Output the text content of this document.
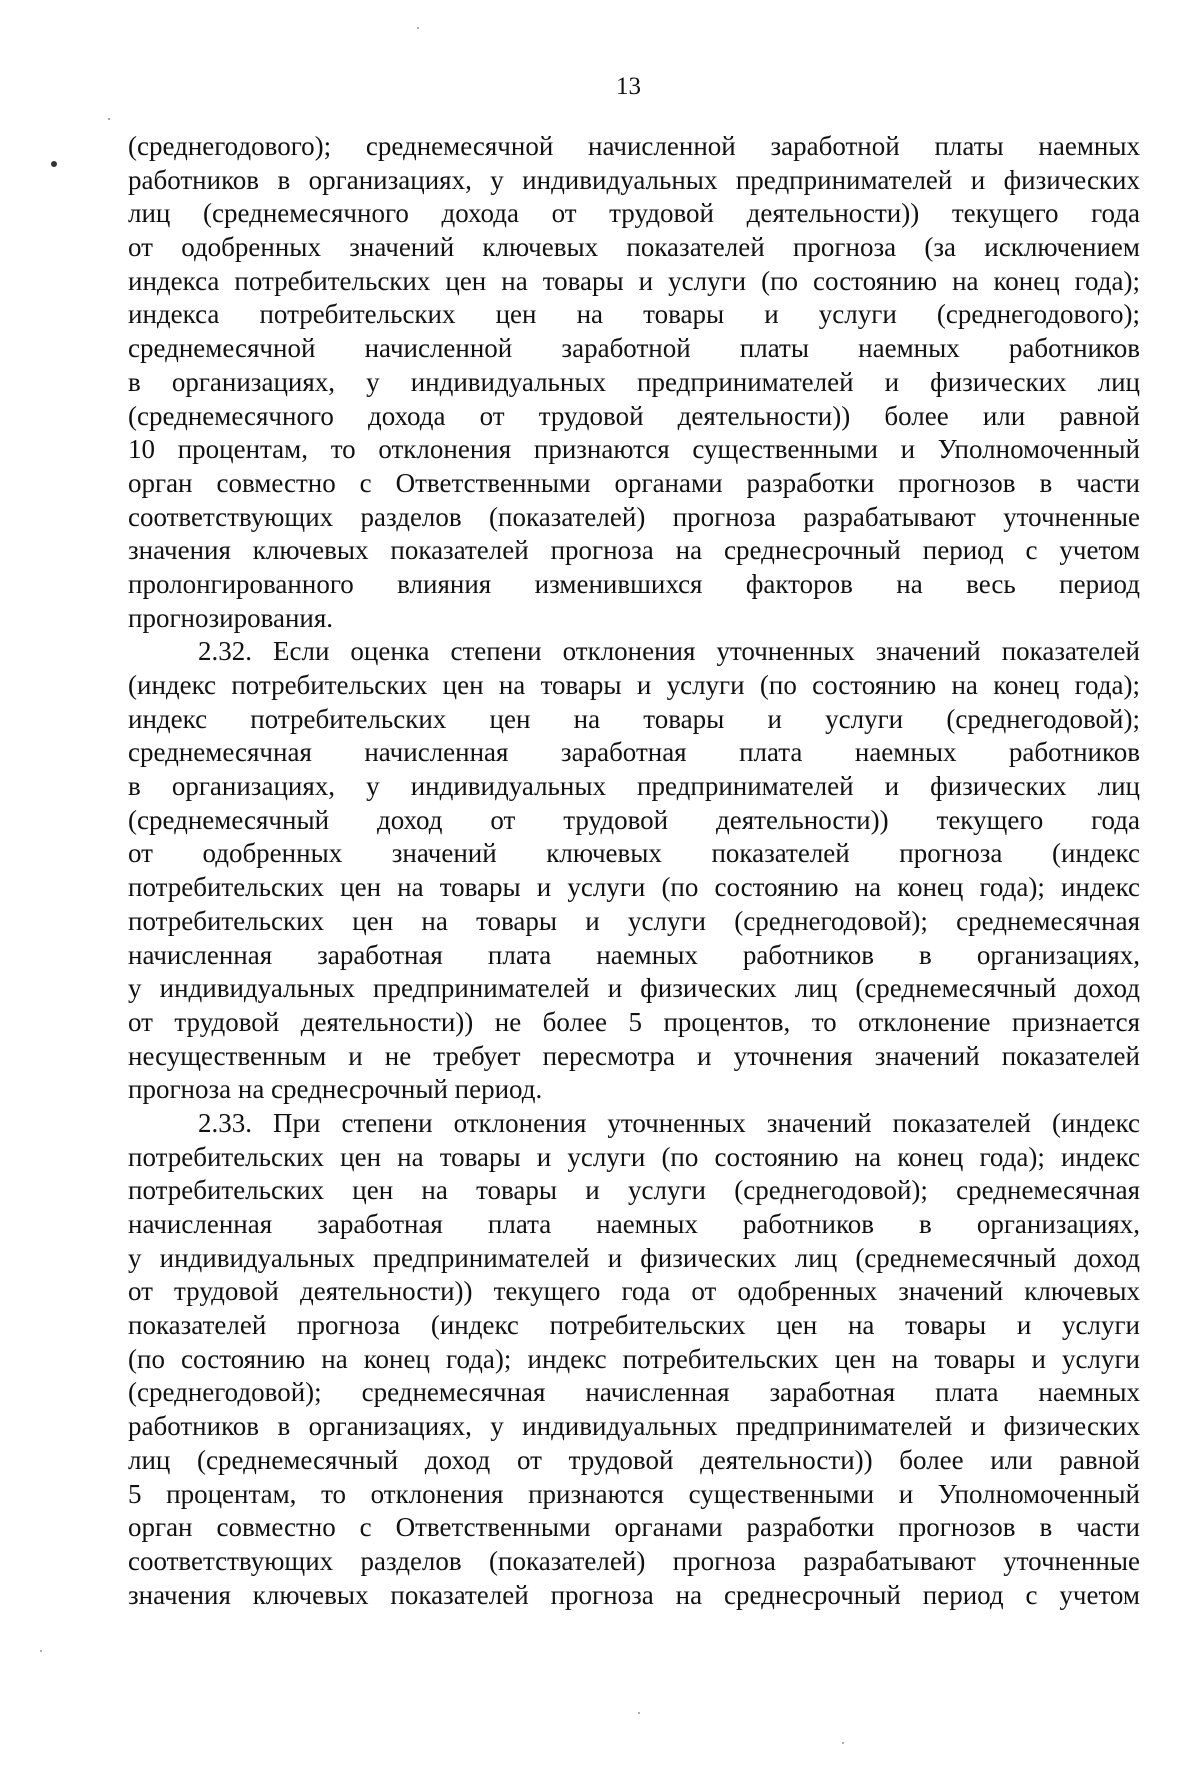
13
(среднегодового); среднемесячной начисленной заработной платы наемных
работников в организациях, у индивидуальных предпринимателей и физических
лиц (среднемесячного дохода от трудовой деятельности)) текущего года
от одобренных значений ключевых показателей прогноза (за исключением
индекса потребительских цен на товары и услуги (по состоянию на конец года);
индекса потребительских цен на товары и услуги (среднегодового);
среднемесячной начисленной заработной платы наемных работников
в организациях, у индивидуальных предпринимателей и физических лиц
(среднемесячного дохода от трудовой деятельности)) более или равной
10 процентам, то отклонения признаются существенными и Уполномоченный
орган совместно с Ответственными органами разработки прогнозов в части
соответствующих разделов (показателей) прогноза разрабатывают уточненные
значения ключевых показателей прогноза на среднесрочный период с учетом
пролонгированного влияния изменившихся факторов на весь период
прогнозирования.
2.32. Если оценка степени отклонения уточненных значений показателей
(индекс потребительских цен на товары и услуги (по состоянию на конец года);
индекс потребительских цен на товары и услуги (среднегодовой);
среднемесячная начисленная заработная плата наемных работников
в организациях, у индивидуальных предпринимателей и физических лиц
(среднемесячный доход от трудовой деятельности)) текущего года
от одобренных значений ключевых показателей прогноза (индекс
потребительских цен на товары и услуги (по состоянию на конец года); индекс
потребительских цен на товары и услуги (среднегодовой); среднемесячная
начисленная заработная плата наемных работников в организациях,
у индивидуальных предпринимателей и физических лиц (среднемесячный доход
от трудовой деятельности)) не более 5 процентов, то отклонение признается
несущественным и не требует пересмотра и уточнения значений показателей
прогноза на среднесрочный период.
2.33. При степени отклонения уточненных значений показателей (индекс
потребительских цен на товары и услуги (по состоянию на конец года); индекс
потребительских цен на товары и услуги (среднегодовой); среднемесячная
начисленная заработная плата наемных работников в организациях,
у индивидуальных предпринимателей и физических лиц (среднемесячный доход
от трудовой деятельности)) текущего года от одобренных значений ключевых
показателей прогноза (индекс потребительских цен на товары и услуги
(по состоянию на конец года); индекс потребительских цен на товары и услуги
(среднегодовой); среднемесячная начисленная заработная плата наемных
работников в организациях, у индивидуальных предпринимателей и физических
лиц (среднемесячный доход от трудовой деятельности)) более или равной
5 процентам, то отклонения признаются существенными и Уполномоченный
орган совместно с Ответственными органами разработки прогнозов в части
соответствующих разделов (показателей) прогноза разрабатывают уточненные
значения ключевых показателей прогноза на среднесрочный период с учетом
